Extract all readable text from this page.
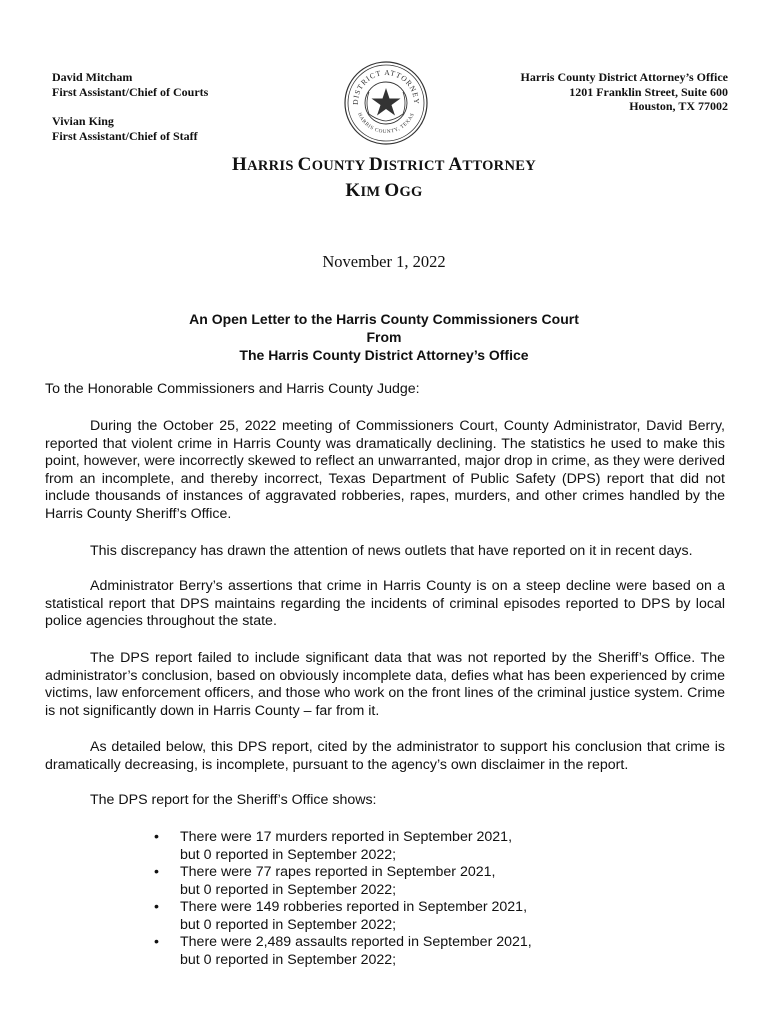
David Mitcham
First Assistant/Chief of Courts
Vivian King
First Assistant/Chief of Staff
DISTRICT ATTORNEY
HARRIS COUNTY, TEXAS
Harris County District Attorney’s Office
1201 Franklin Street, Suite 600
Houston, TX 77002
HARRIS COUNTY DISTRICT ATTORNEY
KIM OGG
November 1, 2022
An Open Letter to the Harris County Commissioners Court
From
The Harris County District Attorney’s Office
To the Honorable Commissioners and Harris County Judge:

During the October 25, 2022 meeting of Commissioners Court, County Administrator, David Berry, reported that violent crime in Harris County was dramatically declining. The statistics he used to make this point, however, were incorrectly skewed to reflect an unwarranted, major drop in crime, as they were derived from an incomplete, and thereby incorrect, Texas Department of Public Safety (DPS) report that did not include thousands of instances of aggravated robberies, rapes, murders, and other crimes handled by the Harris County Sheriff’s Office.

This discrepancy has drawn the attention of news outlets that have reported on it in recent days.

Administrator Berry’s assertions that crime in Harris County is on a steep decline were based on a statistical report that DPS maintains regarding the incidents of criminal episodes reported to DPS by local police agencies throughout the state.

The DPS report failed to include significant data that was not reported by the Sheriff’s Office. The administrator’s conclusion, based on obviously incomplete data, defies what has been experienced by crime victims, law enforcement officers, and those who work on the front lines of the criminal justice system. Crime is not significantly down in Harris County – far from it.

As detailed below, this DPS report, cited by the administrator to support his conclusion that crime is dramatically decreasing, is incomplete, pursuant to the agency’s own disclaimer in the report.

The DPS report for the Sheriff’s Office shows:

• There were 17 murders reported in September 2021,
but 0 reported in September 2022;
• There were 77 rapes reported in September 2021,
but 0 reported in September 2022;
• There were 149 robberies reported in September 2021,
but 0 reported in September 2022;
• There were 2,489 assaults reported in September 2021,
but 0 reported in September 2022;
